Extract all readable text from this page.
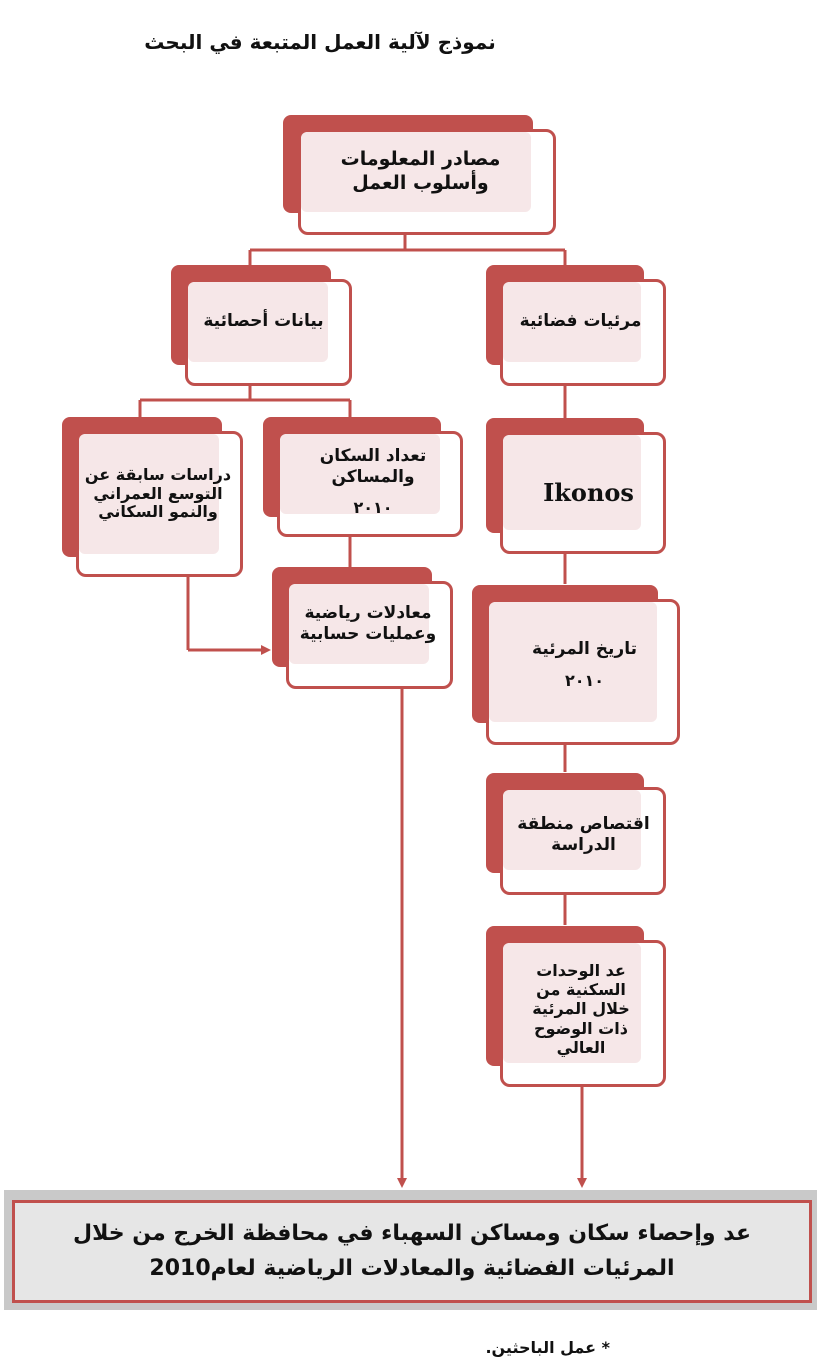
نموذج لآلية العمل المتبعة في البحث
مصادر المعلومات وأسلوب العمل
بيانات أحصائية	مرئيات فضائية
دراسات سابقة عن التوسع العمراني والنمو السكاني
تعداد السكان والمساكن
٢٠١٠
Ikonos
معادلات رياضية وعمليات حسابية
تاريخ المرئية
٢٠١٠
اقتصاص منطقة الدراسة
عد الوحدات السكنية من خلال المرئية ذات الوضوح العالي
عد وإحصاء سكان ومساكن السهباء في محافظة الخرج من خلال المرئيات الفضائية والمعادلات الرياضية لعام2010
* عمل الباحثين.
